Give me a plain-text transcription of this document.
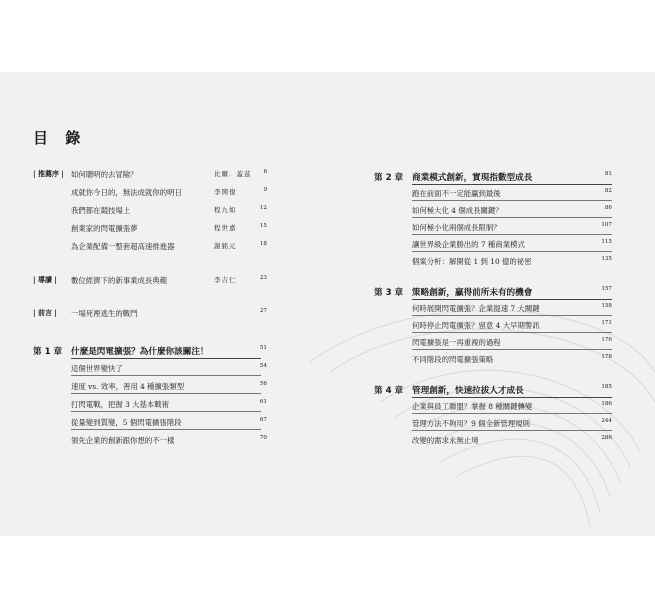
目 錄
| 推薦序 | 如何聰明的去冒險？	比爾．蓋茲	6
成就你今日的，無法成就你的明日	李開復	9
我們都在競技場上	程九如	12
創業家的閃電擴張夢	程世嘉	15
為企業配備一整套超高速推進器	謝銘元	18
| 導讀 | 數位經濟下的新事業成長典範	李吉仁	23
| 前言 | 一場死裡逃生的戰鬥	27
第 1 章 什麼是閃電擴張？為什麼你該關注！	51
這個世界變快了	54
速度 vs. 效率，善用 4 種擴張類型	56
打閃電戰，把握 3 大基本戰術	61
從量變到質變，5 個閃電擴張階段	67
領先企業的創新跟你想的不一樣	70
第 2 章 商業模式創新，實現指數型成長	81
跑在前面不一定能贏到最後	82
如何極大化 4 個成長關鍵？	86
如何極小化兩個成長限制？	107
讓世界級企業勝出的 7 種商業模式	115
個案分析：解開從 1 到 10 億的祕密	135
第 3 章 策略創新，贏得前所未有的機會	157
何時展開閃電擴張？企業提速 7 大關鍵	158
何時停止閃電擴張？留意 4 大早期警訊	171
閃電擴張是一再重複的過程	176
不同階段的閃電擴張策略	178
第 4 章 管理創新，快速拉拔人才成長	185
企業與員工聯盟？掌握 8 種關鍵轉變	186
管理方法不夠用？9 個全新管理規則	244
改變的需求永無止境	286
